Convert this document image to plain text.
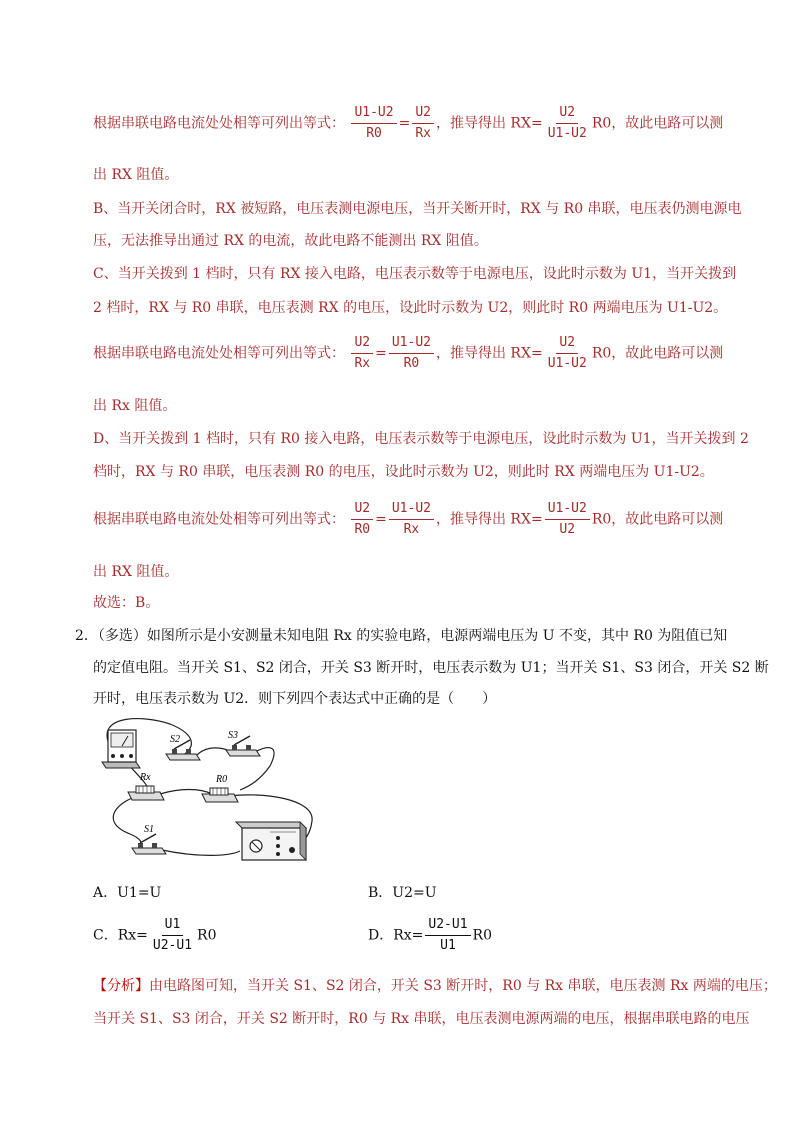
根据串联电路电流处处相等可列出等式： $\frac{U1-U2}{R0} = \frac{U2}{Rx}$ ，推导得出 $RX= \frac{U2}{U1-U2} R0$，故此电路可以测
出 RX 阻值。
B、当开关闭合时，RX 被短路，电压表测电源电压，当开关断开时，RX 与 R0 串联，电压表仍测电源电
压，无法推导出通过 RX 的电流，故此电路不能测出 RX 阻值。
C、当开关拨到 1 档时，只有 RX 接入电路，电压表示数等于电源电压，设此时示数为 U1，当开关拨到
2 档时，RX 与 R0 串联，电压表测 RX 的电压，设此时示数为 U2，则此时 R0 两端电压为 U1-U2。
根据串联电路电流处处相等可列出等式： $\frac{U2}{Rx} = \frac{U1-U2}{R0}$ ，推导得出 $RX= \frac{U2}{U1-U2} R0$，故此电路可以测
出 Rx 阻值。
D、当开关拨到 1 档时，只有 R0 接入电路，电压表示数等于电源电压，设此时示数为 U1，当开关拨到 2
档时，RX 与 R0 串联，电压表测 R0 的电压，设此时示数为 U2，则此时 RX 两端电压为 U1-U2。
根据串联电路电流处处相等可列出等式： $\frac{U2}{R0} = \frac{U1-U2}{Rx}$ ，推导得出 $RX= \frac{U1-U2}{U2} R0$，故此电路可以测
出 RX 阻值。
故选：B。
2．（多选）如图所示是小安测量未知电阻 Rx 的实验电路，电源两端电压为 U 不变，其中 R0 为阻值已知
的定值电阻。当开关 S1、S2 闭合，开关 S3 断开时，电压表示数为 U1；当开关 S1、S3 闭合，开关 S2 断
开时，电压表示数为 U2．则下列四个表达式中正确的是（　　）
S2	S3
Rx	R0
S1
A．U1=U	B．U2=U
C．$Rx= \frac{U1}{U2-U1} R0$	D．$Rx= \frac{U2-U1}{U1} R0$
【分析】由电路图可知，当开关 S1、S2 闭合，开关 S3 断开时，R0 与 Rx 串联，电压表测 Rx 两端的电压；
当开关 S1、S3 闭合，开关 S2 断开时，R0 与 Rx 串联，电压表测电源两端的电压，根据串联电路的电压
